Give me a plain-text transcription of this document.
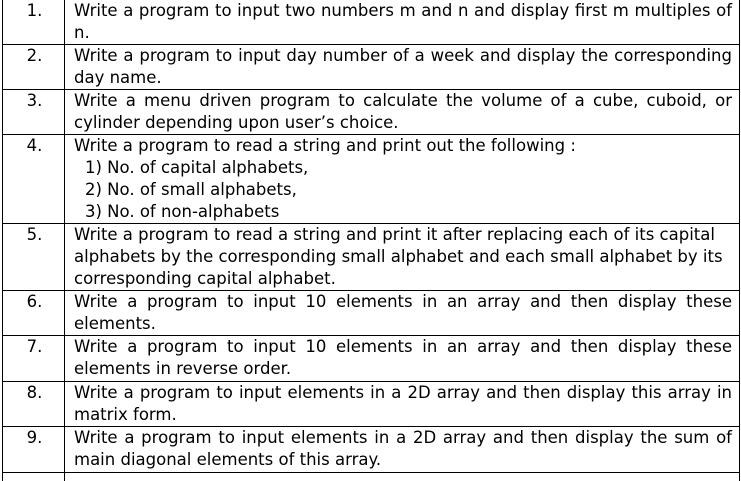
1.	Write a program to input two numbers m and n and display first m multiples of n.

2.	Write a program to input day number of a week and display the corresponding day name.

3.	Write a menu driven program to calculate the volume of a cube, cuboid, or cylinder depending upon user’s choice.

4.	Write a program to read a string and print out the following :
1) No. of capital alphabets,
2) No. of small alphabets,
3) No. of non-alphabets

5.	Write a program to read a string and print it after replacing each of its capital alphabets by the corresponding small alphabet and each small alphabet by its corresponding capital alphabet.

6.	Write a program to input 10 elements in an array and then display these elements.

7.	Write a program to input 10 elements in an array and then display these elements in reverse order.

8.	Write a program to input elements in a 2D array and then display this array in matrix form.

9.	Write a program to input elements in a 2D array and then display the sum of main diagonal elements of this array.
